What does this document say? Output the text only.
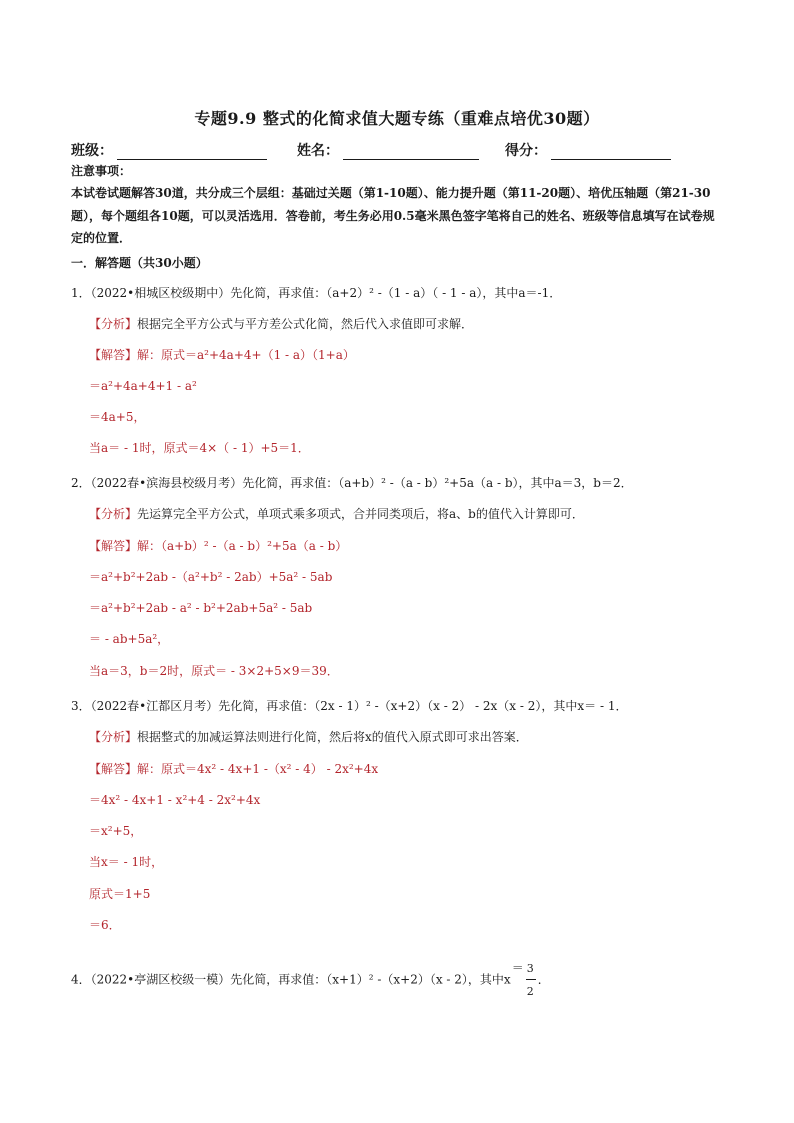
专题9.9 整式的化简求值大题专练（重难点培优30题）
班级：	姓名：	得分：
注意事项：
本试卷试题解答30道，共分成三个层组：基础过关题（第1-10题）、能力提升题（第11-20题）、培优压轴题（第21-30题），每个题组各10题，可以灵活选用．答卷前，考生务必用0.5毫米黑色签字笔将自己的姓名、班级等信息填写在试卷规定的位置．
一．解答题（共30小题）
1．（2022•相城区校级期中）先化简，再求值：（a+2）² -（1 - a）（ - 1 - a），其中a＝-1．
【分析】根据完全平方公式与平方差公式化简，然后代入求值即可求解．
【解答】解：原式＝a²+4a+4+（1 - a）（1+a）
＝a²+4a+4+1 - a²
＝4a+5，
当a＝ - 1时，原式＝4×（ - 1）+5＝1．
2．（2022春•滨海县校级月考）先化简，再求值：（a+b）² -（a - b）²+5a（a - b），其中a＝3，b＝2．
【分析】先运算完全平方公式，单项式乘多项式，合并同类项后，将a、b的值代入计算即可．
【解答】解：（a+b）² -（a - b）²+5a（a - b）
＝a²+b²+2ab -（a²+b² - 2ab）+5a² - 5ab
＝a²+b²+2ab - a² - b²+2ab+5a² - 5ab
＝ - ab+5a²，
当a＝3，b＝2时，原式＝ - 3×2+5×9＝39．
3．（2022春•江都区月考）先化简，再求值：（2x - 1）² -（x+2）（x - 2） - 2x（x - 2），其中x＝ - 1．
【分析】根据整式的加减运算法则进行化简，然后将x的值代入原式即可求出答案．
【解答】解：原式＝4x² - 4x+1 -（x² - 4） - 2x²+4x
＝4x² - 4x+1 - x²+4 - 2x²+4x
＝x²+5，
当x＝ - 1时，
原式＝1+5
＝6．
4．（2022•亭湖区校级一模）先化简，再求值：（x+1）² -（x+2）（x - 2），其中$x= \frac{3}{2}$ ．
